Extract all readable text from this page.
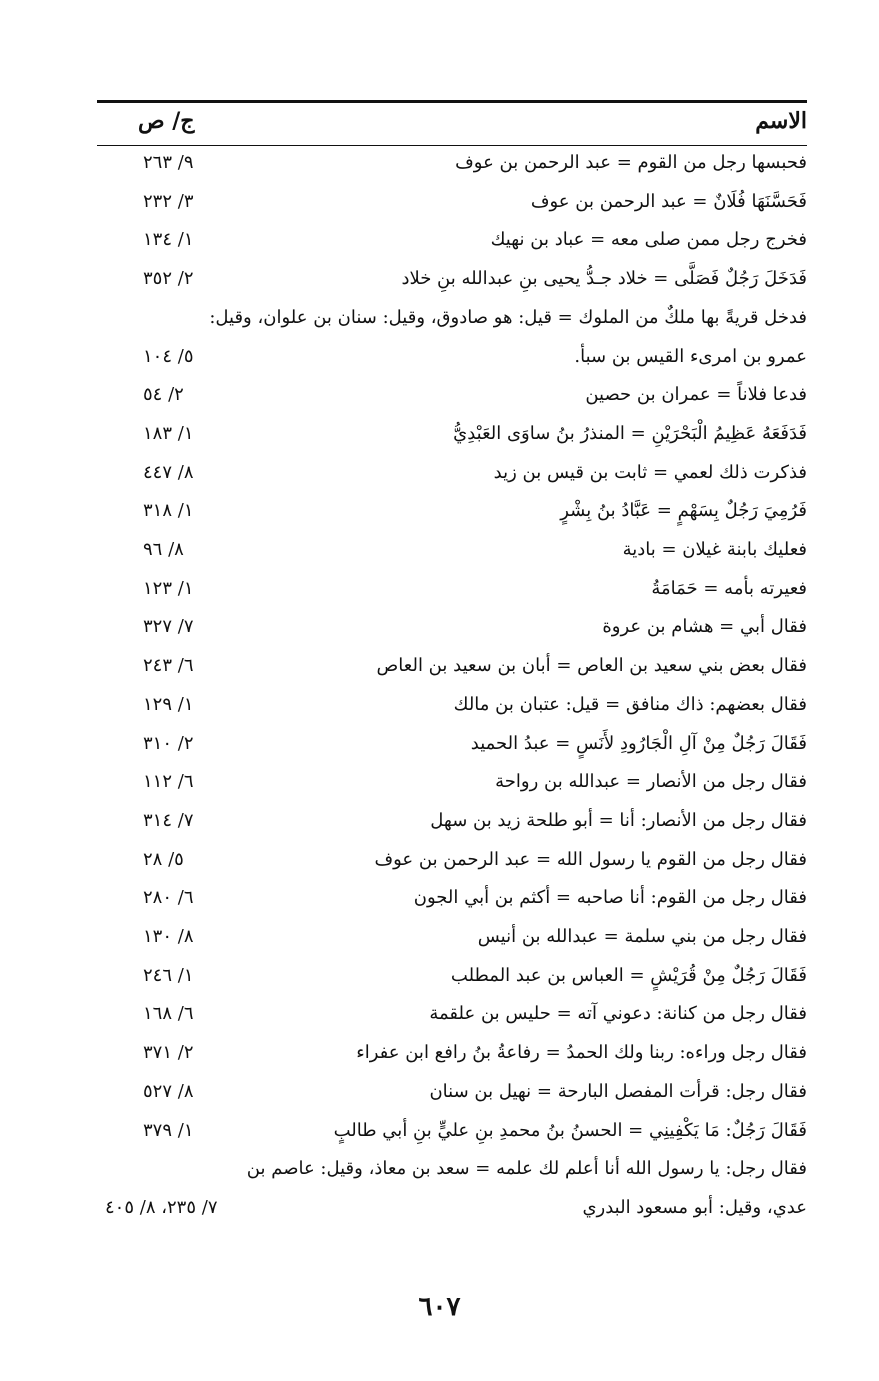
الاسم
ج/ ص
فحبسها رجل من القوم = عبد الرحمن بن عوف
٩/ ٢٦٣
فَحَسَّنَهَا فُلَانٌ = عبد الرحمن بن عوف
٣/ ٢٣٢
فخرج رجل ممن صلى معه = عباد بن نهيك
١/ ١٣٤
فَدَخَلَ رَجُلٌ فَصَلَّى = خلاد جـدُّ يحيى بنِ عبدالله بنِ خلاد
٢/ ٣٥٢
فدخل قريةً بها ملكٌ من الملوك = قيل: هو صادوق، وقيل: سنان بن علوان، وقيل:
عمرو بن امرىء القيس بن سبأ.
٥/ ١٠٤
فدعا فلاناً = عمران بن حصين
٢/ ٥٤
فَدَفَعَهُ عَظِيمُ الْبَحْرَيْنِ = المنذرُ بنُ ساوَى العَبْدِيُّ
١/ ١٨٣
فذكرت ذلك لعمي = ثابت بن قيس بن زيد
٨/ ٤٤٧
فَرُمِيَ رَجُلٌ بِسَهْمٍ = عَبَّادُ بنُ بِشْرٍ
١/ ٣١٨
فعليك بابنة غيلان = بادية
٨/ ٩٦
فعيرته بأمه = حَمَامَةُ
١/ ١٢٣
فقال أبي = هشام بن عروة
٧/ ٣٢٧
فقال بعض بني سعيد بن العاص = أبان بن سعيد بن العاص
٦/ ٢٤٣
فقال بعضهم: ذاك منافق = قيل: عتبان بن مالك
١/ ١٢٩
فَقَالَ رَجُلٌ مِنْ آلِ الْجَارُودِ لأَنَسٍ = عبدُ الحميد
٢/ ٣١٠
فقال رجل من الأنصار = عبدالله بن رواحة
٦/ ١١٢
فقال رجل من الأنصار: أنا = أبو طلحة زيد بن سهل
٧/ ٣١٤
فقال رجل من القوم يا رسول الله = عبد الرحمن بن عوف
٥/ ٢٨
فقال رجل من القوم: أنا صاحبه = أكثم بن أبي الجون
٦/ ٢٨٠
فقال رجل من بني سلمة = عبدالله بن أنيس
٨/ ١٣٠
فَقَالَ رَجُلٌ مِنْ قُرَيْشٍ = العباس بن عبد المطلب
١/ ٢٤٦
فقال رجل من كنانة: دعوني آته = حليس بن علقمة
٦/ ١٦٨
فقال رجل وراءه: ربنا ولك الحمدُ = رفاعةُ بنُ رافع ابن عفراء
٢/ ٣٧١
فقال رجل: قرأت المفصل البارحة = نهيل بن سنان
٨/ ٥٢٧
فَقَالَ رَجُلٌ: مَا يَكْفِينِي = الحسنُ بنُ محمدِ بنِ عليٍّ بنِ أبي طالبٍ
١/ ٣٧٩
فقال رجل: يا رسول الله أنا أعلم لك علمه = سعد بن معاذ، وقيل: عاصم بن
عدي، وقيل: أبو مسعود البدري
٧/ ٢٣٥، ٨/ ٤٠٥
٦٠٧
